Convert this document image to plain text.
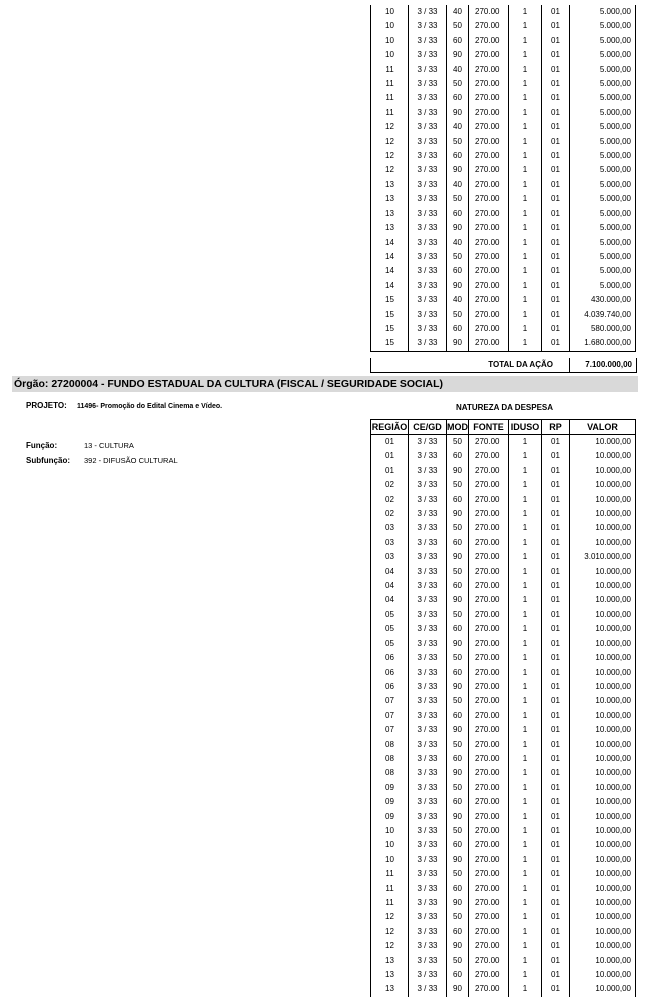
10	3 / 33	40	270.00	1	01	5.000,00
10	3 / 33	50	270.00	1	01	5.000,00
10	3 / 33	60	270.00	1	01	5.000,00
10	3 / 33	90	270.00	1	01	5.000,00
11	3 / 33	40	270.00	1	01	5.000,00
11	3 / 33	50	270.00	1	01	5.000,00
11	3 / 33	60	270.00	1	01	5.000,00
11	3 / 33	90	270.00	1	01	5.000,00
12	3 / 33	40	270.00	1	01	5.000,00
12	3 / 33	50	270.00	1	01	5.000,00
12	3 / 33	60	270.00	1	01	5.000,00
12	3 / 33	90	270.00	1	01	5.000,00
13	3 / 33	40	270.00	1	01	5.000,00
13	3 / 33	50	270.00	1	01	5.000,00
13	3 / 33	60	270.00	1	01	5.000,00
13	3 / 33	90	270.00	1	01	5.000,00
14	3 / 33	40	270.00	1	01	5.000,00
14	3 / 33	50	270.00	1	01	5.000,00
14	3 / 33	60	270.00	1	01	5.000,00
14	3 / 33	90	270.00	1	01	5.000,00
15	3 / 33	40	270.00	1	01	430.000,00
15	3 / 33	50	270.00	1	01	4.039.740,00
15	3 / 33	60	270.00	1	01	580.000,00
15	3 / 33	90	270.00	1	01	1.680.000,00
TOTAL DA AÇÃO	7.100.000,00
Órgão: 27200004 - FUNDO ESTADUAL DA CULTURA (FISCAL / SEGURIDADE SOCIAL)
PROJETO: 11496- Promoção do Edital Cinema e Vídeo.	NATUREZA DA DESPESA
Função:	13 - CULTURA
Subfunção: 392 - DIFUSÃO CULTURAL
REGIÃO	CE/GD	MOD	FONTE	IDUSO	RP	VALOR
01	3 / 33	50	270.00	1	01	10.000,00
01	3 / 33	60	270.00	1	01	10.000,00
01	3 / 33	90	270.00	1	01	10.000,00
02	3 / 33	50	270.00	1	01	10.000,00
02	3 / 33	60	270.00	1	01	10.000,00
02	3 / 33	90	270.00	1	01	10.000,00
03	3 / 33	50	270.00	1	01	10.000,00
03	3 / 33	60	270.00	1	01	10.000,00
03	3 / 33	90	270.00	1	01	3.010.000,00
04	3 / 33	50	270.00	1	01	10.000,00
04	3 / 33	60	270.00	1	01	10.000,00
04	3 / 33	90	270.00	1	01	10.000,00
05	3 / 33	50	270.00	1	01	10.000,00
05	3 / 33	60	270.00	1	01	10.000,00
05	3 / 33	90	270.00	1	01	10.000,00
06	3 / 33	50	270.00	1	01	10.000,00
06	3 / 33	60	270.00	1	01	10.000,00
06	3 / 33	90	270.00	1	01	10.000,00
07	3 / 33	50	270.00	1	01	10.000,00
07	3 / 33	60	270.00	1	01	10.000,00
07	3 / 33	90	270.00	1	01	10.000,00
08	3 / 33	50	270.00	1	01	10.000,00
08	3 / 33	60	270.00	1	01	10.000,00
08	3 / 33	90	270.00	1	01	10.000,00
09	3 / 33	50	270.00	1	01	10.000,00
09	3 / 33	60	270.00	1	01	10.000,00
09	3 / 33	90	270.00	1	01	10.000,00
10	3 / 33	50	270.00	1	01	10.000,00
10	3 / 33	60	270.00	1	01	10.000,00
10	3 / 33	90	270.00	1	01	10.000,00
11	3 / 33	50	270.00	1	01	10.000,00
11	3 / 33	60	270.00	1	01	10.000,00
11	3 / 33	90	270.00	1	01	10.000,00
12	3 / 33	50	270.00	1	01	10.000,00
12	3 / 33	60	270.00	1	01	10.000,00
12	3 / 33	90	270.00	1	01	10.000,00
13	3 / 33	50	270.00	1	01	10.000,00
13	3 / 33	60	270.00	1	01	10.000,00
13	3 / 33	90	270.00	1	01	10.000,00
